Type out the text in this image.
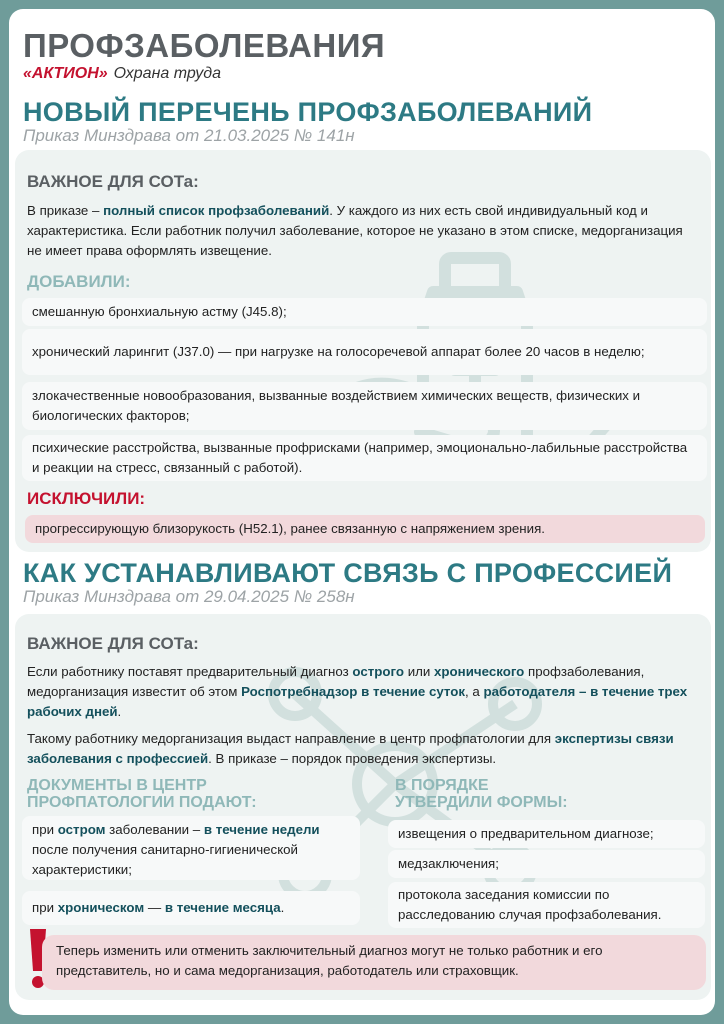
ПРОФЗАБОЛЕВАНИЯ
«АКТИОН» Охрана труда
НОВЫЙ ПЕРЕЧЕНЬ ПРОФЗАБОЛЕВАНИЙ
Приказ Минздрава от 21.03.2025 № 141н
ВАЖНОЕ ДЛЯ СОТа:
В приказе – полный список профзаболеваний. У каждого из них есть свой индивидуальный код и характеристика. Если работник получил заболевание, которое не указано в этом списке, медорганизация не имеет права оформлять извещение.
ДОБАВИЛИ:
смешанную бронхиальную астму (J45.8);
хронический ларингит (J37.0) — при нагрузке на голосоречевой аппарат более 20 часов в неделю;
злокачественные новообразования, вызванные воздействием химических веществ, физических и биологических факторов;
психические расстройства, вызванные профрисками (например, эмоционально-лабильные расстройства и реакции на стресс, связанный с работой).
ИСКЛЮЧИЛИ:
прогрессирующую близорукость (H52.1), ранее связанную с напряжением зрения.
КАК УСТАНАВЛИВАЮТ СВЯЗЬ С ПРОФЕССИЕЙ
Приказ Минздрава от 29.04.2025 № 258н
ВАЖНОЕ ДЛЯ СОТа:
Если работнику поставят предварительный диагноз острого или хронического профзаболевания, медорганизация известит об этом Роспотребнадзор в течение суток, а работодателя – в течение трех рабочих дней.
Такому работнику медорганизация выдаст направление в центр профпатологии для экспертизы связи заболевания с профессией. В приказе – порядок проведения экспертизы.
ДОКУМЕНТЫ В ЦЕНТР
ПРОФПАТОЛОГИИ ПОДАЮТ:
при остром заболевании – в течение недели после получения санитарно-гигиенической характеристики;
при хроническом — в течение месяца.
В ПОРЯДКЕ
УТВЕРДИЛИ ФОРМЫ:
извещения о предварительном диагнозе;
медзаключения;
протокола заседания комиссии по расследованию случая профзаболевания.
Теперь изменить или отменить заключительный диагноз могут не только работник и его представитель, но и сама медорганизация, работодатель или страховщик.
